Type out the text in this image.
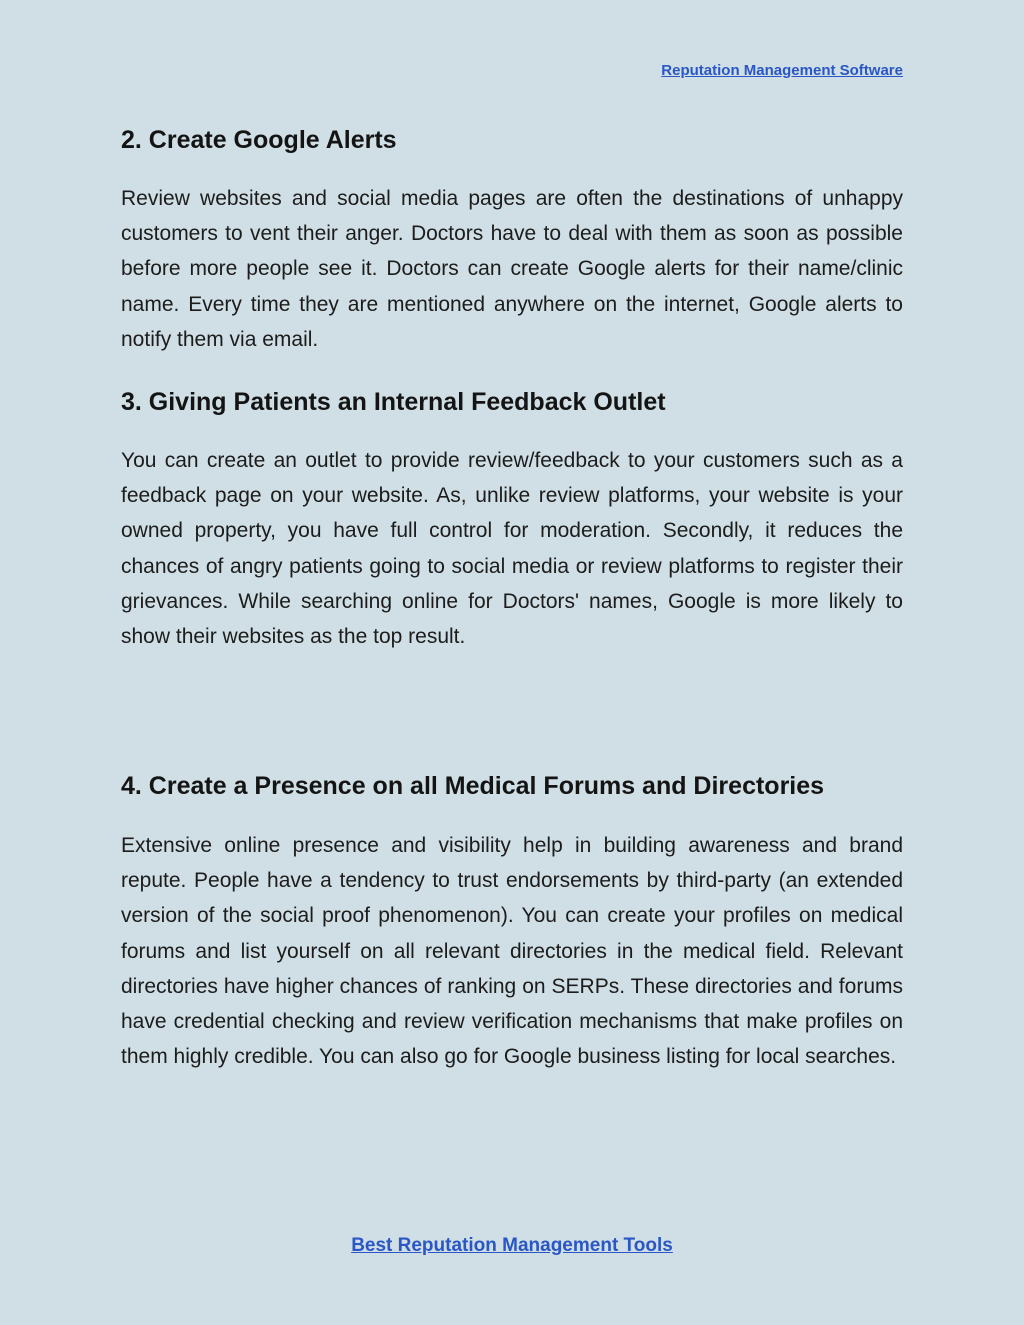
Reputation Management Software
2. Create Google Alerts

Review websites and social media pages are often the destinations of unhappy customers to vent their anger. Doctors have to deal with them as soon as possible before more people see it. Doctors can create Google alerts for their name/clinic name. Every time they are mentioned anywhere on the internet, Google alerts to notify them via email.

3. Giving Patients an Internal Feedback Outlet

You can create an outlet to provide review/feedback to your customers such as a feedback page on your website. As, unlike review platforms, your website is your owned property, you have full control for moderation. Secondly, it reduces the chances of angry patients going to social media or review platforms to register their grievances. While searching online for Doctors' names, Google is more likely to show their websites as the top result.

4. Create a Presence on all Medical Forums and Directories

Extensive online presence and visibility help in building awareness and brand repute. People have a tendency to trust endorsements by third-party (an extended version of the social proof phenomenon). You can create your profiles on medical forums and list yourself on all relevant directories in the medical field. Relevant directories have higher chances of ranking on SERPs. These directories and forums have credential checking and review verification mechanisms that make profiles on them highly credible. You can also go for Google business listing for local searches.

Best Reputation Management Tools
